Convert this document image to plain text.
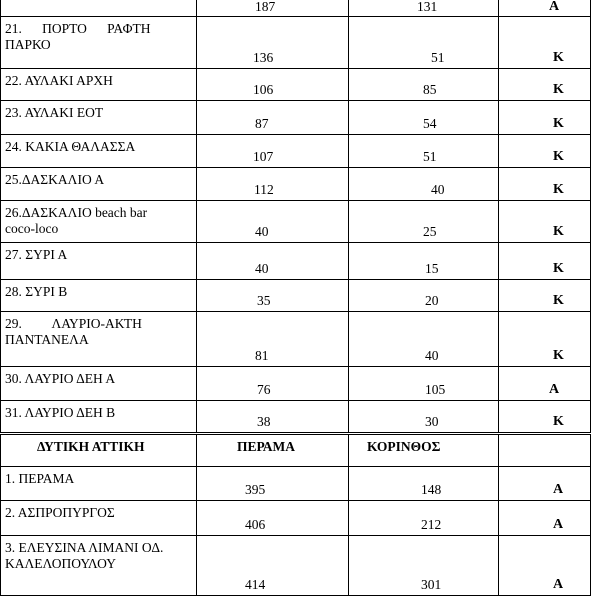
	187	131	Α

21.      ΠΟΡΤΟ      ΡΑΦΤΗ
ΠΑΡΚΟ	136	51	Κ

22. ΑΥΛΑΚΙ ΑΡΧΗ	106	85	Κ

23. ΑΥΛΑΚΙ ΕΟΤ	87	54	Κ

24. ΚΑΚΙΑ ΘΑΛΑΣΣΑ	107	51	Κ

25.ΔΑΣΚΑΛΙΟ Α	112	40	Κ

26.ΔΑΣΚΑΛΙΟ beach bar
coco-loco	40	25	Κ

27. ΣΥΡΙ Α	40	15	Κ

28. ΣΥΡΙ Β	35	20	Κ

29.         ΛΑΥΡΙΟ-ΑΚΤΗ
ΠΑΝΤΑΝΕΛΑ	81	40	Κ

30. ΛΑΥΡΙΟ ΔΕΗ Α	76	105	Α

31. ΛΑΥΡΙΟ ΔΕΗ Β	38	30	Κ

ΔΥΤΙΚΗ ΑΤΤΙΚΗ	ΠΕΡΑΜΑ	ΚΟΡΙΝΘΟΣ	

1. ΠΕΡΑΜΑ	395	148	Α

2. ΑΣΠΡΟΠΥΡΓΟΣ	406	212	Α

3. ΕΛΕΥΣΙΝΑ ΛΙΜΑΝΙ ΟΔ.
ΚΑΛΕΛΟΠΟΥΛΟΥ	414	301	Α
